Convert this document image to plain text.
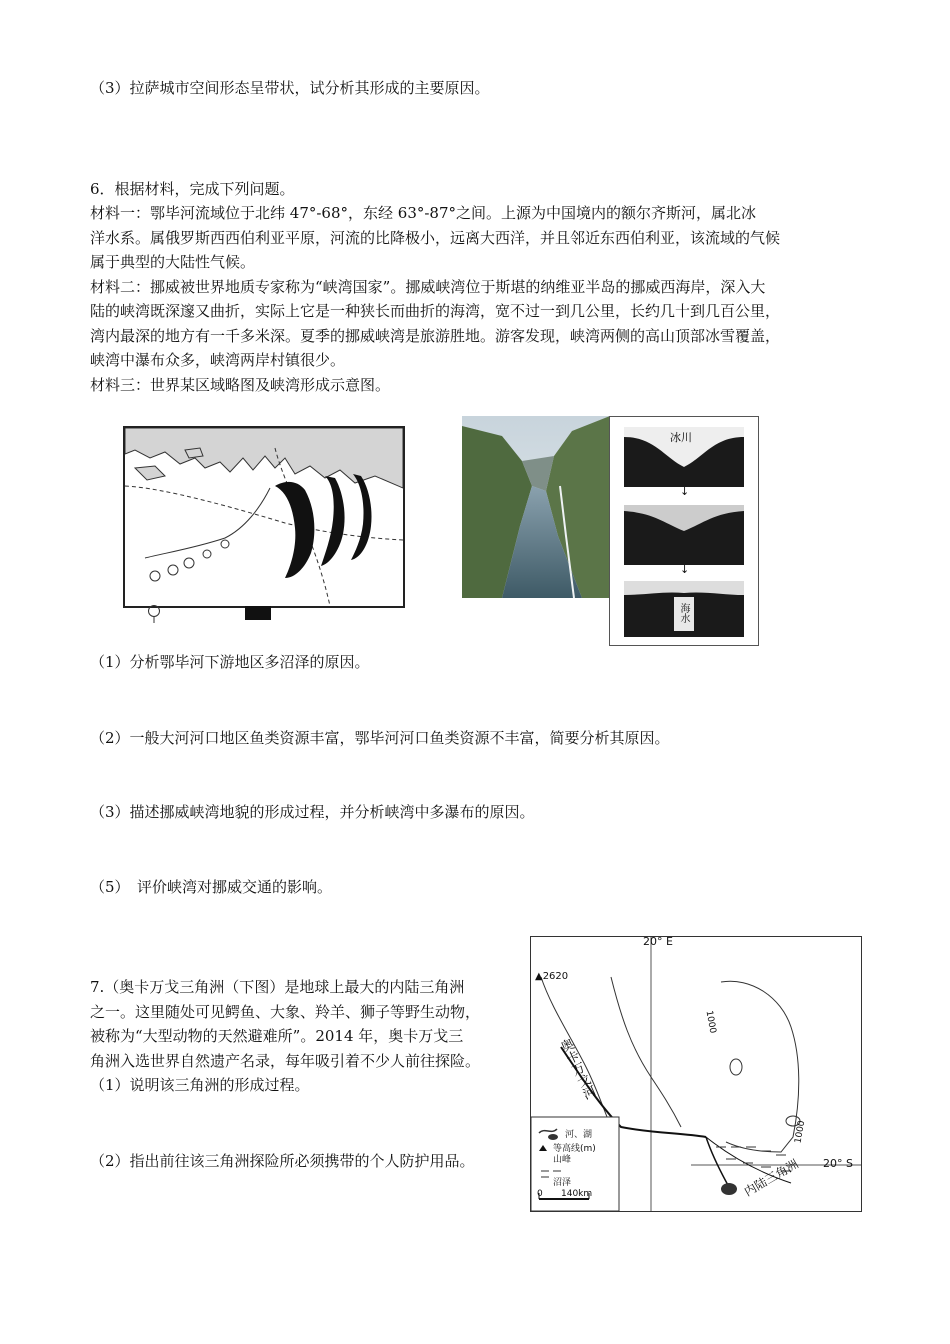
（3）拉萨城市空间形态呈带状，试分析其形成的主要原因。
6．根据材料，完成下列问题。
材料一：鄂毕河流域位于北纬 47°-68°，东经 63°-87°之间。上源为中国境内的额尔齐斯河，属北冰
洋水系。属俄罗斯西西伯利亚平原，河流的比降极小，远离大西洋，并且邻近东西伯利亚，该流域的气候
属于典型的大陆性气候。
材料二：挪威被世界地质专家称为“峡湾国家”。挪威峡湾位于斯堪的纳维亚半岛的挪威西海岸，深入大
陆的峡湾既深邃又曲折，实际上它是一种狭长而曲折的海湾，宽不过一到几公里，长约几十到几百公里，
湾内最深的地方有一千多米深。夏季的挪威峡湾是旅游胜地。游客发现，峡湾两侧的高山顶部冰雪覆盖，
峡湾中瀑布众多，峡湾两岸村镇很少。
材料三：世界某区域略图及峡湾形成示意图。
冰川
↓
↓
海水
（1）分析鄂毕河下游地区多沼泽的原因。
（2）一般大河河口地区鱼类资源丰富，鄂毕河河口鱼类资源不丰富，简要分析其原因。
（3）描述挪威峡湾地貌的形成过程，并分析峡湾中多瀑布的原因。
（5）　评价峡湾对挪威交通的影响。
7.（奥卡万戈三角洲（下图）是地球上最大的内陆三角洲
之一。这里随处可见鳄鱼、大象、羚羊、狮子等野生动物，
被称为“大型动物的天然避难所”。2014 年，奥卡万戈三
角洲入选世界自然遗产名录，每年吸引着不少人前往探险。
（1）说明该三角洲的形成过程。
（2）指出前往该三角洲探险所必须携带的个人防护用品。
20° E
20° S
▲2620
1000
1000
奥卡万戈河
内陆三角洲
河、湖
等高线(m)
山峰
沼泽
0 140km
